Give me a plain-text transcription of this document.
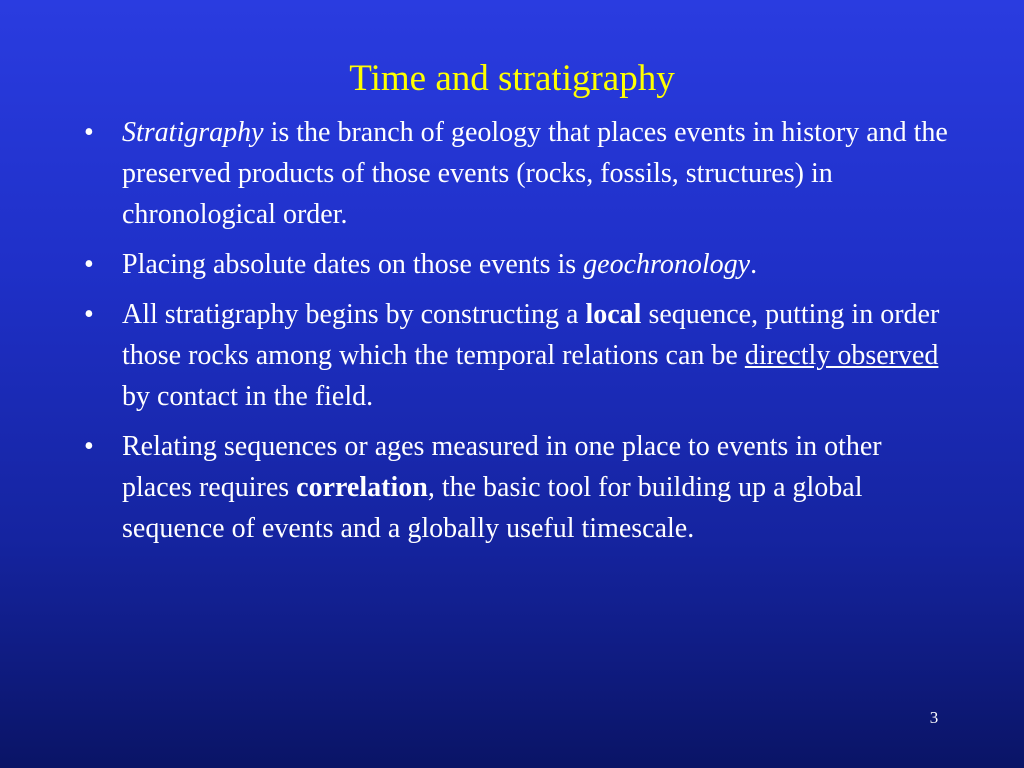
Time and stratigraphy
•	Stratigraphy is the branch of geology that places events in history and the preserved products of those events (rocks, fossils, structures) in chronological order.
•	Placing absolute dates on those events is geochronology.
•	All stratigraphy begins by constructing a local sequence, putting in order those rocks among which the temporal relations can be directly observed by contact in the field.
•	Relating sequences or ages measured in one place to events in other places requires correlation, the basic tool for building up a global sequence of events and a globally useful timescale.
3
